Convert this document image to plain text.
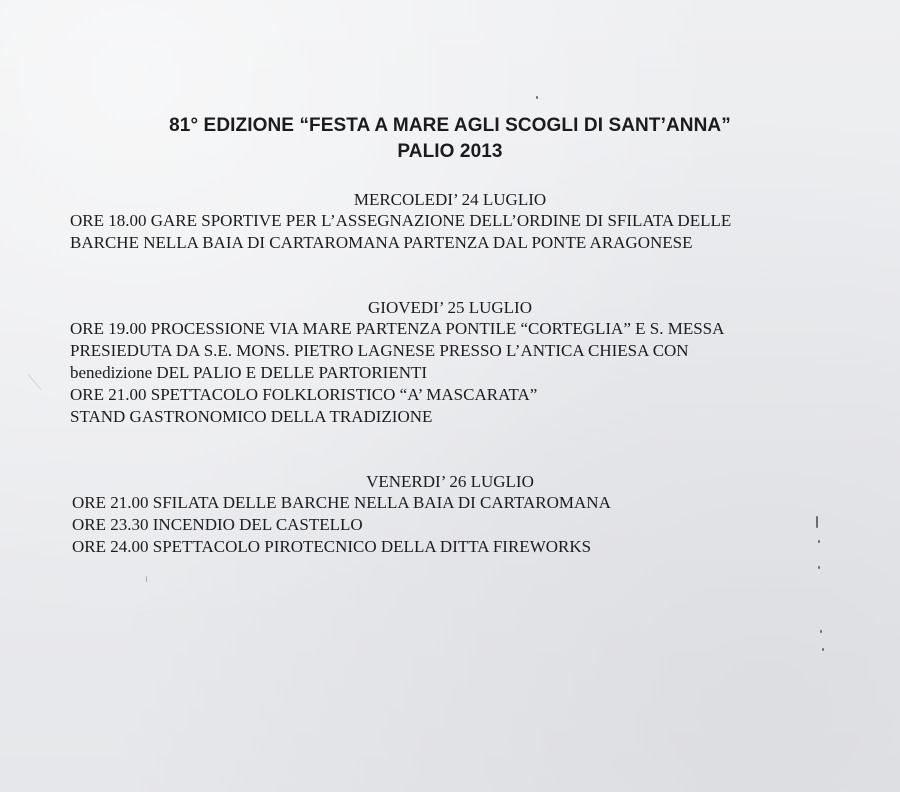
81° EDIZIONE “FESTA A MARE AGLI SCOGLI DI SANT’ANNA”
PALIO 2013
MERCOLEDI’ 24 LUGLIO
ORE 18.00 GARE SPORTIVE PER L’ASSEGNAZIONE DELL’ORDINE DI SFILATA DELLE
BARCHE NELLA BAIA DI CARTAROMANA PARTENZA DAL PONTE ARAGONESE
GIOVEDI’ 25 LUGLIO
ORE 19.00 PROCESSIONE VIA MARE PARTENZA PONTILE “CORTEGLIA” E S. MESSA
PRESIEDUTA DA S.E. MONS. PIETRO LAGNESE PRESSO L’ANTICA CHIESA CON
benedizione DEL PALIO E DELLE PARTORIENTI
ORE 21.00 SPETTACOLO FOLKLORISTICO “A’ MASCARATA”
STAND GASTRONOMICO DELLA TRADIZIONE
VENERDI’ 26 LUGLIO
ORE 21.00 SFILATA DELLE BARCHE NELLA BAIA DI CARTAROMANA
ORE 23.30 INCENDIO DEL CASTELLO
ORE 24.00 SPETTACOLO PIROTECNICO DELLA DITTA FIREWORKS
